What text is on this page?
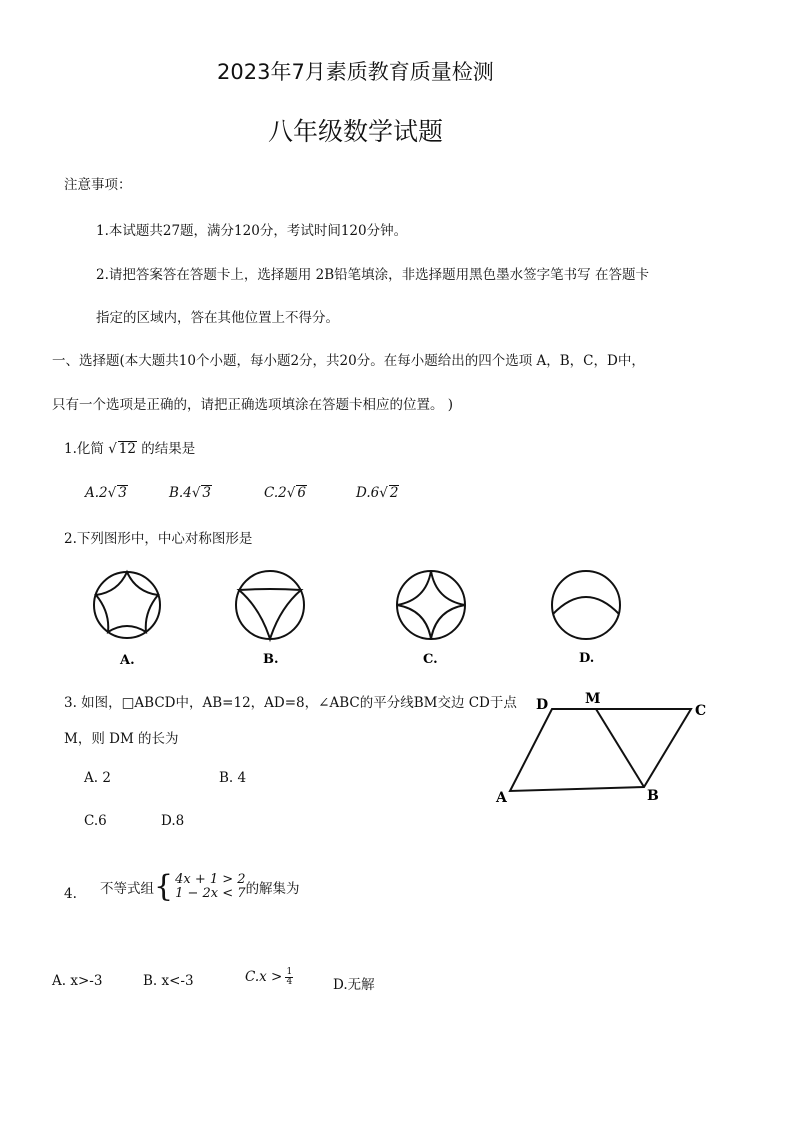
2023年7月素质教育质量检测
八年级数学试题
注意事项：
1.本试题共27题，满分120分，考试时间120分钟。
2.请把答案答在答题卡上，选择题用 2B铅笔填涂，非选择题用黑色墨水签字笔书写 在答题卡
指定的区域内，答在其他位置上不得分。
一、选择题(本大题共10个小题，每小题2分，共20分。在每小题给出的四个选项 A，B，C，D中，
只有一个选项是正确的，请把正确选项填涂在答题卡相应的位置。 )
1.化简 √ 12 的结果是
A.2√ 3	B.4√ 3	C.2√ 6	D.6√ 2
2.下列图形中，中心对称图形是
A.	B.	C.	D.
3. 如图，□ABCD中，AB=12，AD=8，∠ABC的平分线BM交边 CD于点
M，则 DM 的长为
A. 2	B. 4
C.6	D.8
D	M
C
A	B
4. 不等式组 { 4x + 1 > 2
1 − 2x < 7 的解集为
A. x>-3	B. x<-3	$C.x > \frac{1}{4}$	D.无解
